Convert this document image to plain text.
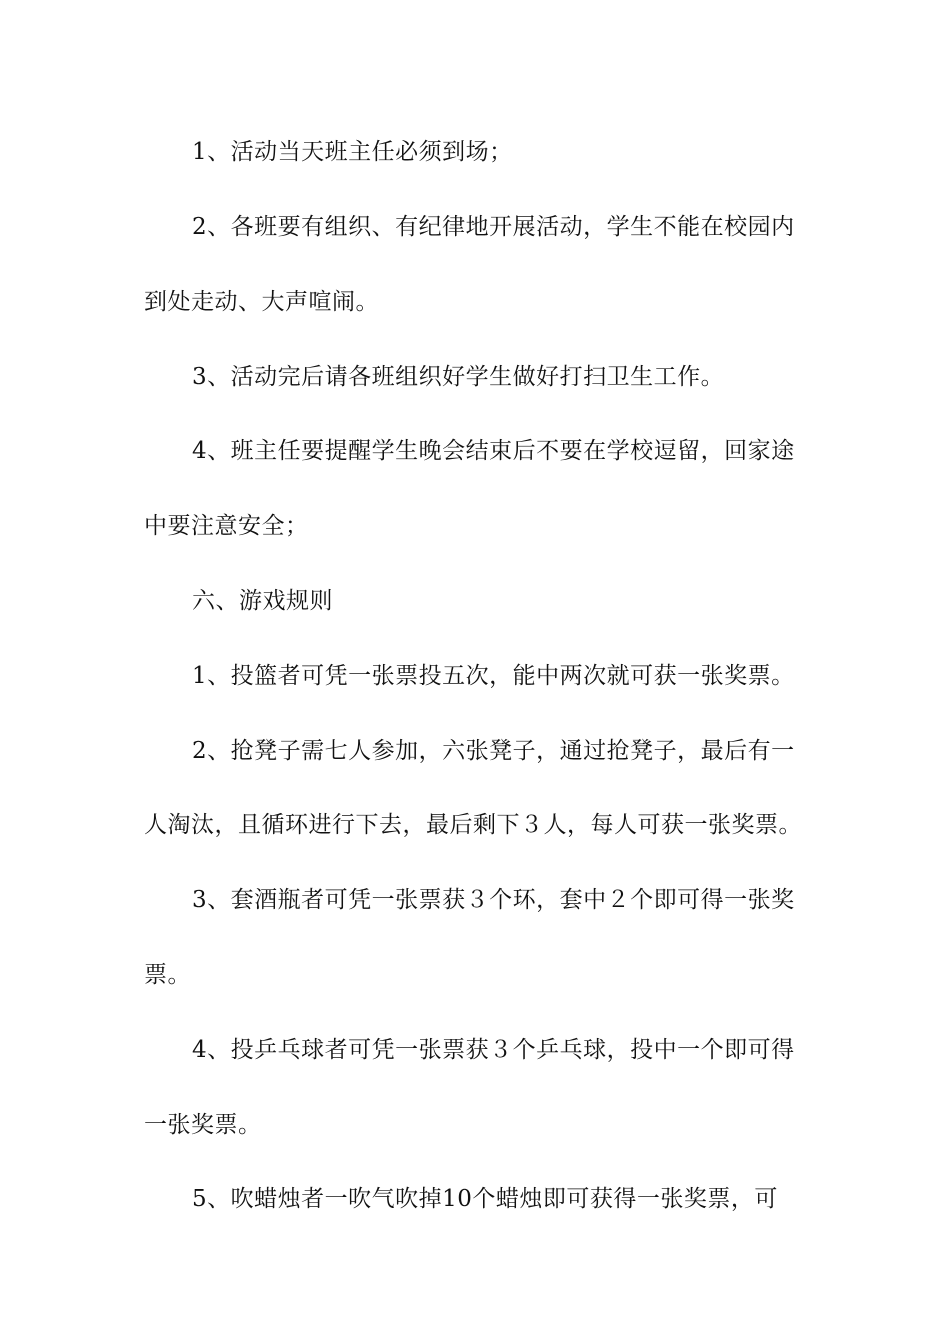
1、活动当天班主任必须到场；
2、各班要有组织、有纪律地开展活动，学生不能在校园内
到处走动、大声喧闹。
3、活动完后请各班组织好学生做好打扫卫生工作。
4、班主任要提醒学生晚会结束后不要在学校逗留，回家途
中要注意安全；
六、游戏规则
1、投篮者可凭一张票投五次，能中两次就可获一张奖票。
2、抢凳子需七人参加，六张凳子，通过抢凳子，最后有一
人淘汰，且循环进行下去，最后剩下３人，每人可获一张奖票。
3、套酒瓶者可凭一张票获３个环，套中２个即可得一张奖
票。
4、投乒乓球者可凭一张票获３个乒乓球，投中一个即可得
一张奖票。
5、吹蜡烛者一吹气吹掉10个蜡烛即可获得一张奖票，可
